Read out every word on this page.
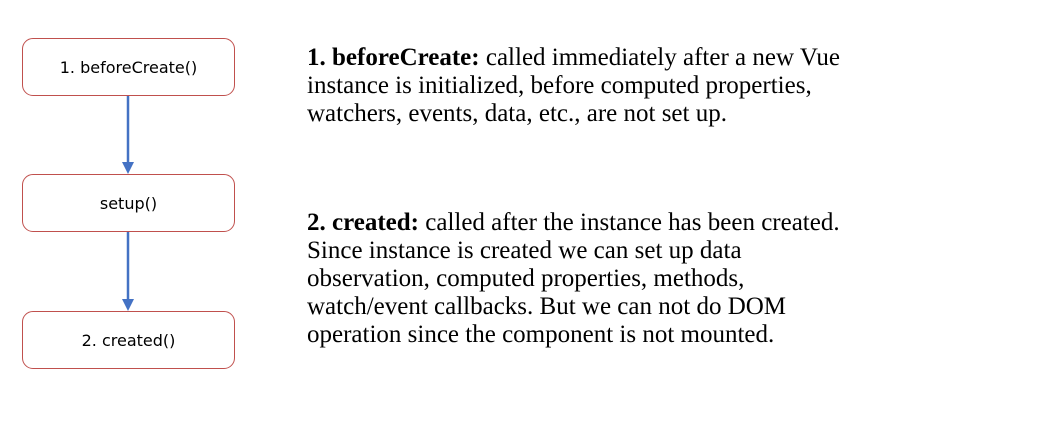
1. beforeCreate()
setup()
2. created()
1. beforeCreate: called immediately after a new Vue
instance is initialized, before computed properties,
watchers, events, data, etc., are not set up.
2. created: called after the instance has been created.
Since instance is created we can set up data
observation, computed properties, methods,
watch/event callbacks. But we can not do DOM
operation since the component is not mounted.
